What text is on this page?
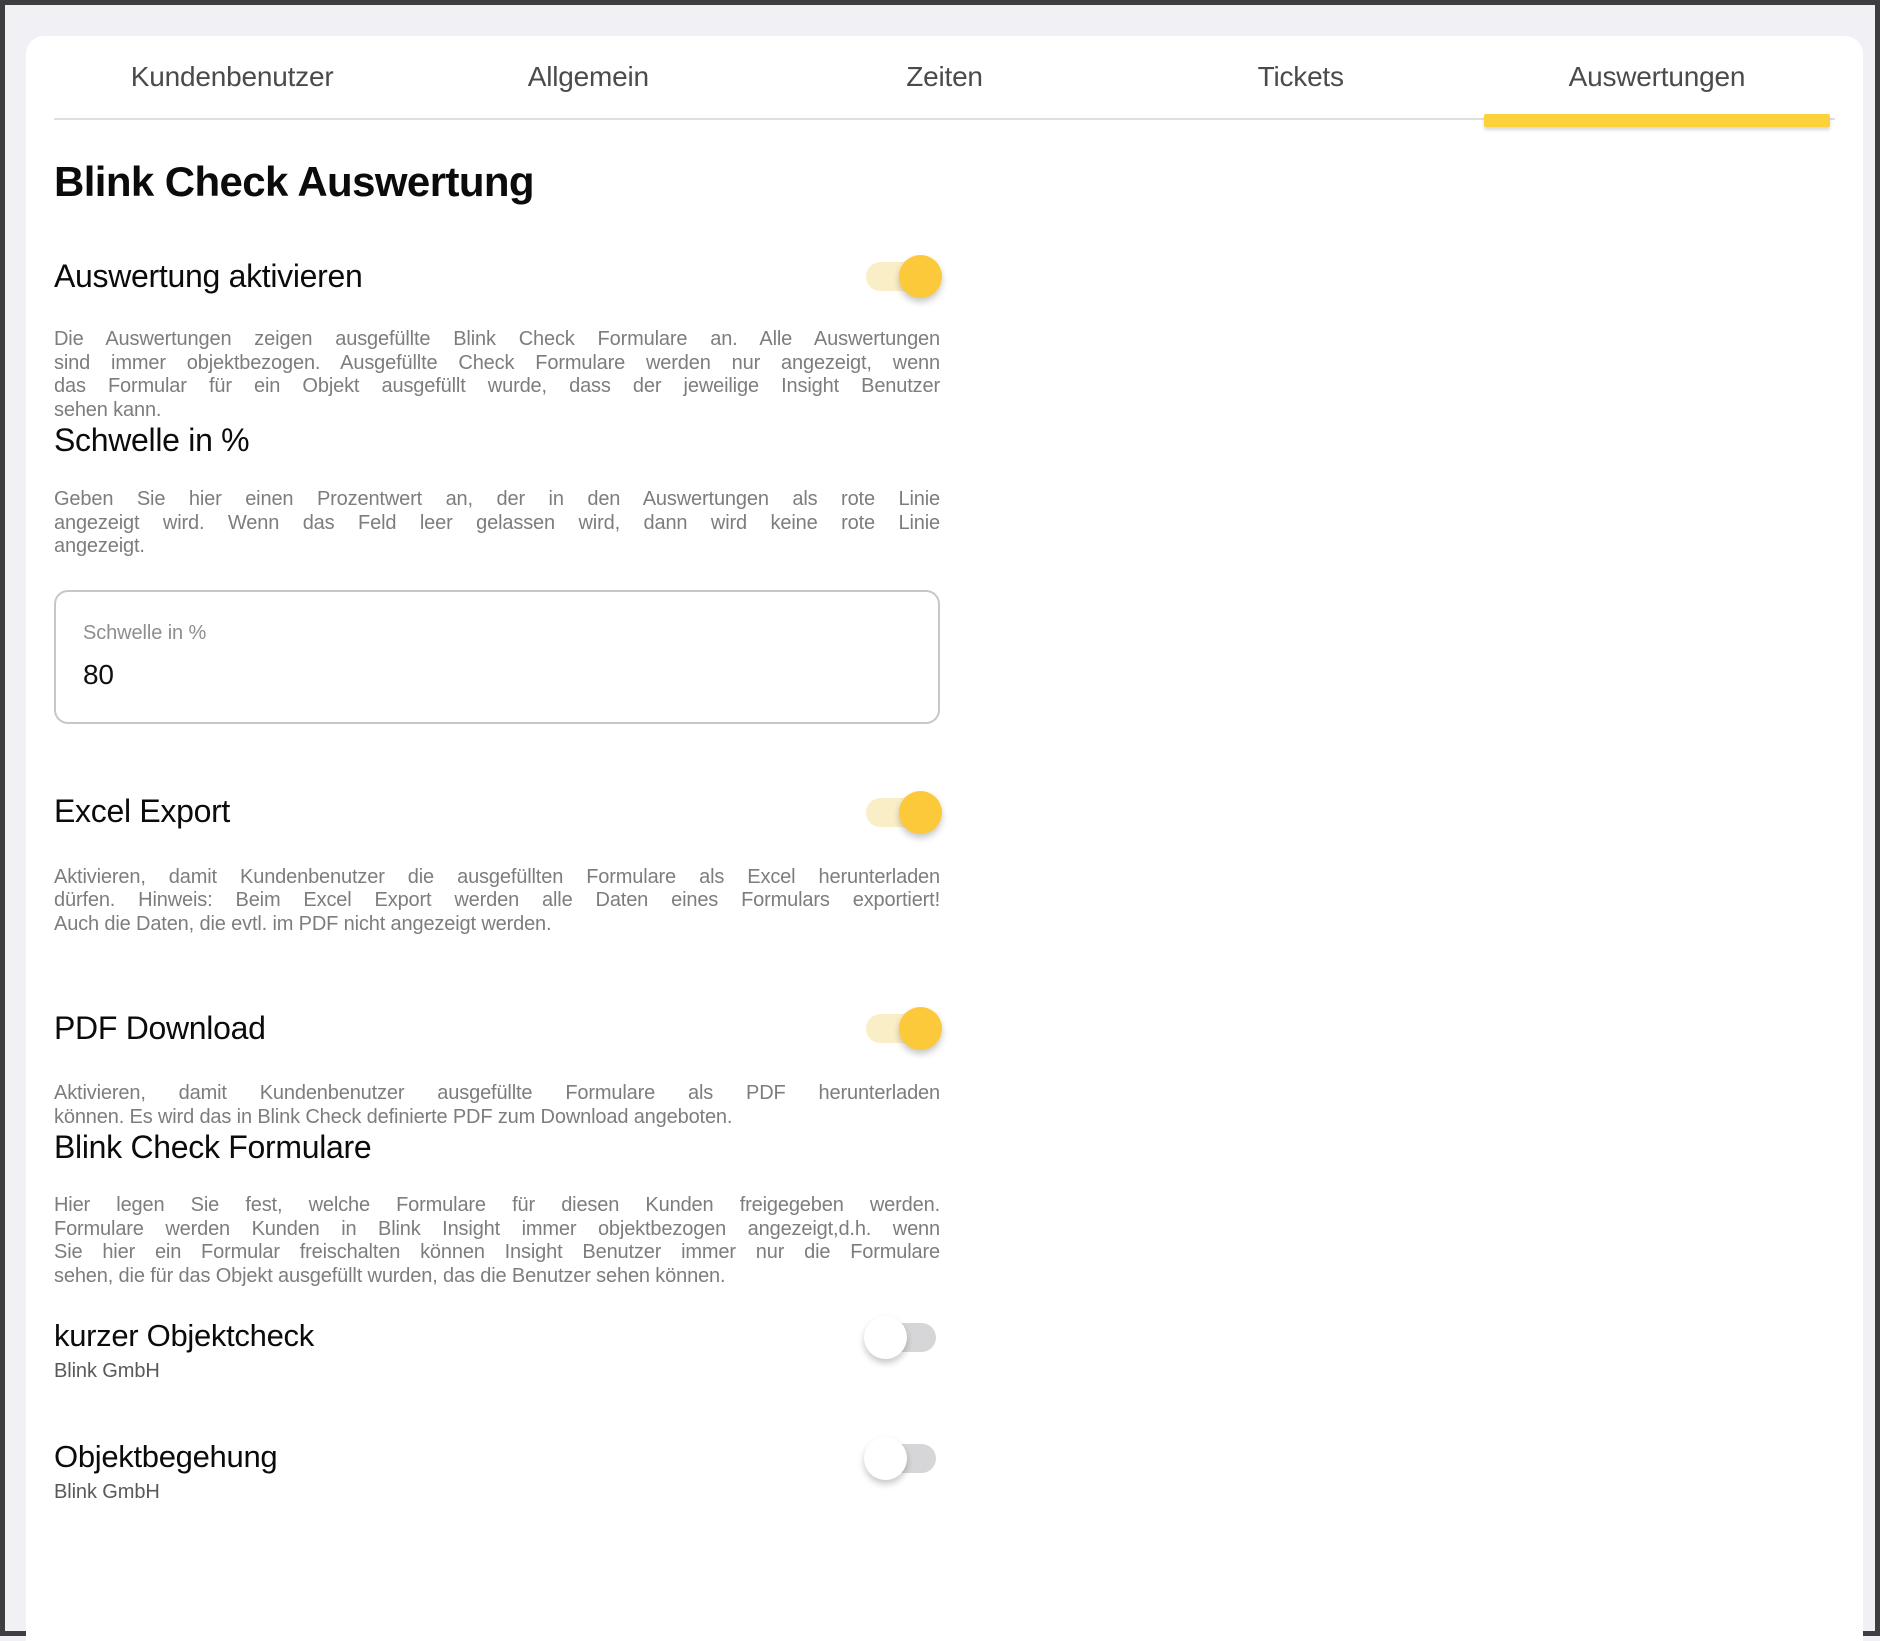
Kundenbenutzer	Allgemein	Zeiten	Tickets	Auswertungen
Blink Check Auswertung
Auswertung aktivieren
Die Auswertungen zeigen ausgefüllte Blink Check Formulare an. Alle Auswertungen
sind immer objektbezogen. Ausgefüllte Check Formulare werden nur angezeigt, wenn
das Formular für ein Objekt ausgefüllt wurde, dass der jeweilige Insight Benutzer
sehen kann.
Schwelle in %
Geben Sie hier einen Prozentwert an, der in den Auswertungen als rote Linie
angezeigt wird. Wenn das Feld leer gelassen wird, dann wird keine rote Linie
angezeigt.
Schwelle in %
80
Excel Export
Aktivieren, damit Kundenbenutzer die ausgefüllten Formulare als Excel herunterladen
dürfen. Hinweis: Beim Excel Export werden alle Daten eines Formulars exportiert!
Auch die Daten, die evtl. im PDF nicht angezeigt werden.
PDF Download
Aktivieren, damit Kundenbenutzer ausgefüllte Formulare als PDF herunterladen
können. Es wird das in Blink Check definierte PDF zum Download angeboten.
Blink Check Formulare
Hier legen Sie fest, welche Formulare für diesen Kunden freigegeben werden.
Formulare werden Kunden in Blink Insight immer objektbezogen angezeigt,d.h. wenn
Sie hier ein Formular freischalten können Insight Benutzer immer nur die Formulare
sehen, die für das Objekt ausgefüllt wurden, das die Benutzer sehen können.
kurzer Objektcheck
Blink GmbH
Objektbegehung
Blink GmbH
